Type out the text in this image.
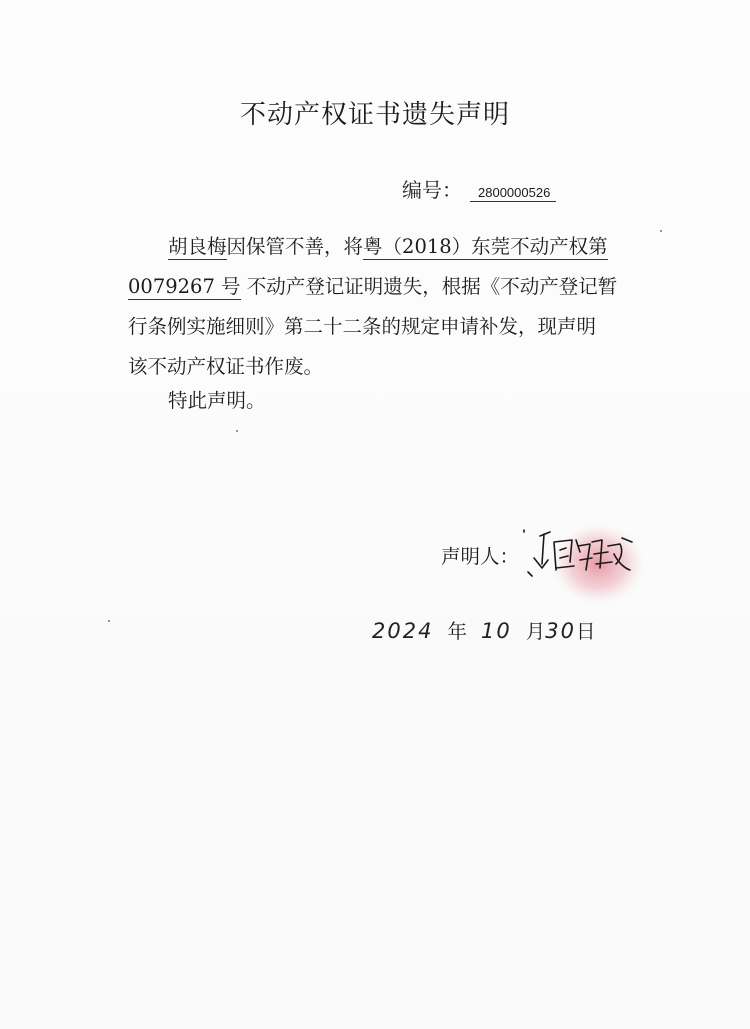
不动产权证书遗失声明
编号： 2800000526
胡良梅因保管不善，将粤（2018）东莞不动产权第
0079267 号 不动产登记证明遗失，根据《不动产登记暂
行条例实施细则》第二十二条的规定申请补发，现声明
该不动产权证书作废。
特此声明。
声明人：
2024 年 10 月30日
